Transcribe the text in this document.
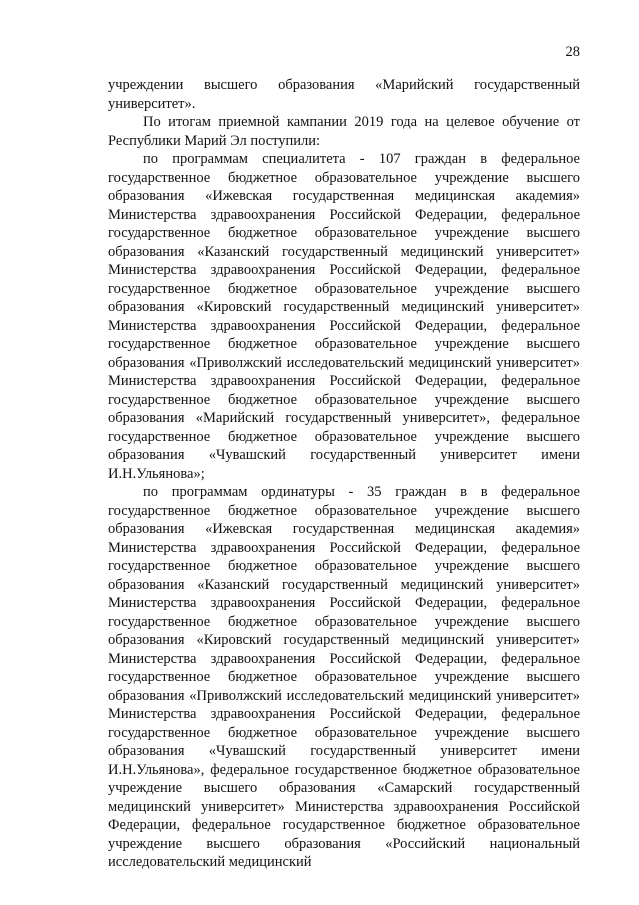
28

учреждении высшего образования «Марийский государственный университет».

По итогам приемной кампании 2019 года на целевое обучение от Республики Марий Эл поступили:

по программам специалитета - 107 граждан в федеральное государственное бюджетное образовательное учреждение высшего образования «Ижевская государственная медицинская академия» Министерства здравоохранения Российской Федерации, федеральное государственное бюджетное образовательное учреждение высшего образования «Казанский государственный медицинский университет» Министерства здравоохранения Российской Федерации, федеральное государственное бюджетное образовательное учреждение высшего образования «Кировский государственный медицинский университет» Министерства здравоохранения Российской Федерации, федеральное государственное бюджетное образовательное учреждение высшего образования «Приволжский исследовательский медицинский университет» Министерства здравоохранения Российской Федерации, федеральное государственное бюджетное образовательное учреждение высшего образования «Марийский государственный университет», федеральное государственное бюджетное образовательное учреждение высшего образования «Чувашский государственный университет имени И.Н.Ульянова»;

по программам ординатуры - 35 граждан в в федеральное государственное бюджетное образовательное учреждение высшего образования «Ижевская государственная медицинская академия» Министерства здравоохранения Российской Федерации, федеральное государственное бюджетное образовательное учреждение высшего образования «Казанский государственный медицинский университет» Министерства здравоохранения Российской Федерации, федеральное государственное бюджетное образовательное учреждение высшего образования «Кировский государственный медицинский университет» Министерства здравоохранения Российской Федерации, федеральное государственное бюджетное образовательное учреждение высшего образования «Приволжский исследовательский медицинский университет» Министерства здравоохранения Российской Федерации, федеральное государственное бюджетное образовательное учреждение высшего образования «Чувашский государственный университет имени И.Н.Ульянова», федеральное государственное бюджетное образовательное учреждение высшего образования «Самарский государственный медицинский университет» Министерства здравоохранения Российской Федерации, федеральное государственное бюджетное образовательное учреждение высшего образования «Российский национальный исследовательский медицинский
